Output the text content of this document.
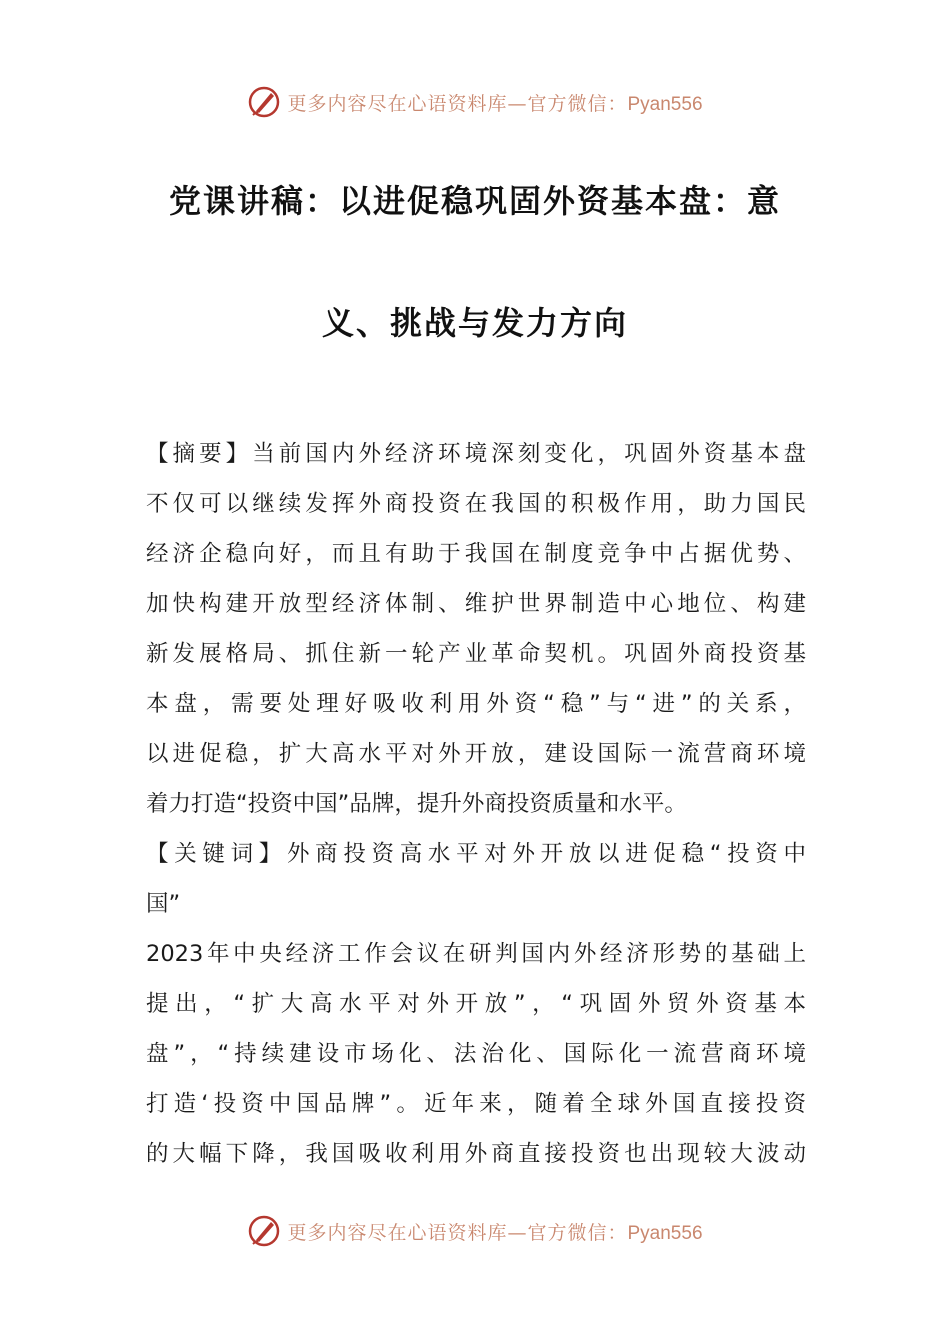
更多内容尽在心语资料库—官方微信：Pyan556
党课讲稿：以进促稳巩固外资基本盘：意
义、挑战与发力方向
【摘要】当前国内外经济环境深刻变化，巩固外资基本盘
不仅可以继续发挥外商投资在我国的积极作用，助力国民
经济企稳向好，而且有助于我国在制度竞争中占据优势、
加快构建开放型经济体制、维护世界制造中心地位、构建
新发展格局、抓住新一轮产业革命契机。巩固外商投资基
本盘，需要处理好吸收利用外资“稳”与“进”的关系，
以进促稳，扩大高水平对外开放，建设国际一流营商环境
着力打造“投资中国”品牌，提升外商投资质量和水平。
【关键词】外商投资高水平对外开放以进促稳“投资中
国”
2023年中央经济工作会议在研判国内外经济形势的基础上
提出，“扩大高水平对外开放”，“巩固外贸外资基本
盘”，“持续建设市场化、法治化、国际化一流营商环境
打造‘投资中国品牌”。近年来，随着全球外国直接投资
的大幅下降，我国吸收利用外商直接投资也出现较大波动
更多内容尽在心语资料库—官方微信：Pyan556
